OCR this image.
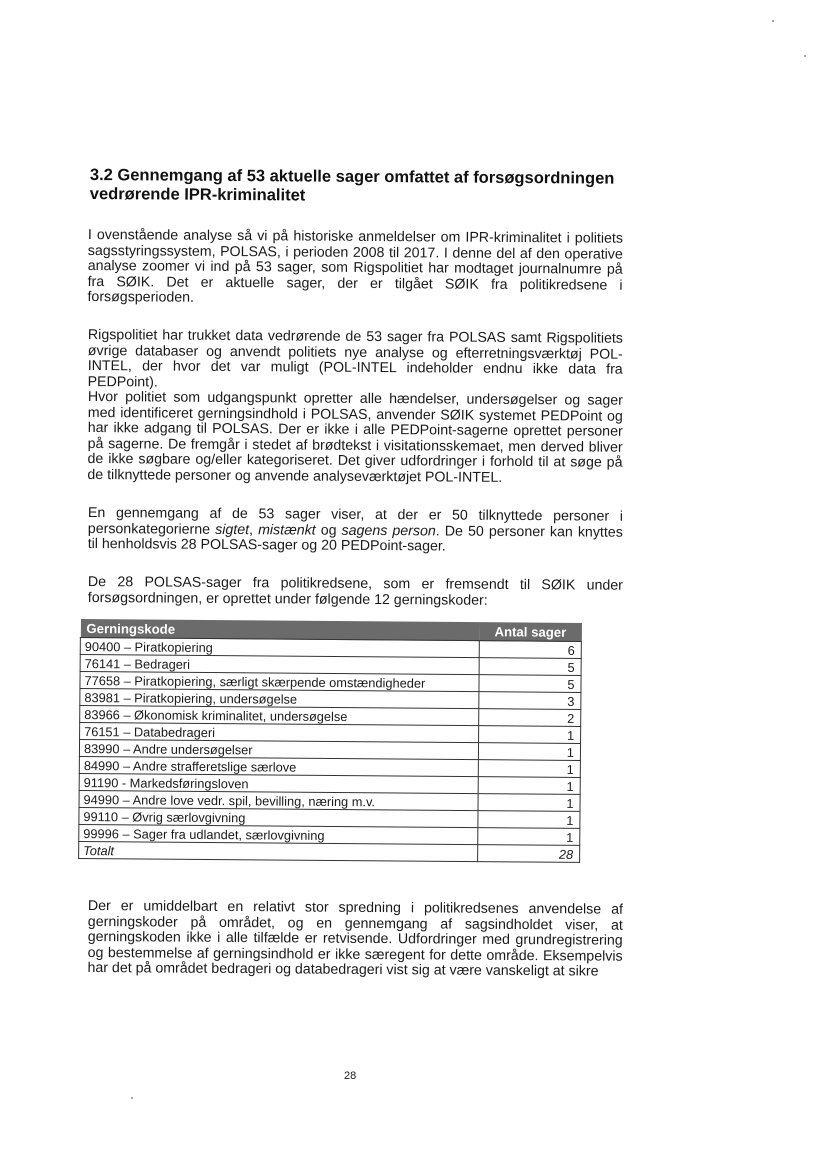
3.2 Gennemgang af 53 aktuelle sager omfattet af forsøgsordningen vedrørende IPR-kriminalitet

I ovenstående analyse så vi på historiske anmeldelser om IPR-kriminalitet i politiets sagsstyringssystem, POLSAS, i perioden 2008 til 2017. I denne del af den operative analyse zoomer vi ind på 53 sager, som Rigspolitiet har modtaget journalnumre på fra SØIK. Det er aktuelle sager, der er tilgået SØIK fra politikredsene i forsøgsperioden.

Rigspolitiet har trukket data vedrørende de 53 sager fra POLSAS samt Rigspolitiets øvrige databaser og anvendt politiets nye analyse og efterretningsværktøj POL-INTEL, der hvor det var muligt (POL-INTEL indeholder endnu ikke data fra PEDPoint).

Hvor politiet som udgangspunkt opretter alle hændelser, undersøgelser og sager med identificeret gerningsindhold i POLSAS, anvender SØIK systemet PEDPoint og har ikke adgang til POLSAS. Der er ikke i alle PEDPoint-sagerne oprettet personer på sagerne. De fremgår i stedet af brødtekst i visitationsskemaet, men derved bliver de ikke søgbare og/eller kategoriseret. Det giver udfordringer i forhold til at søge på de tilknyttede personer og anvende analyseværktøjet POL-INTEL.

En gennemgang af de 53 sager viser, at der er 50 tilknyttede personer i personkategorierne sigtet, mistænkt og sagens person. De 50 personer kan knyttes til henholdsvis 28 POLSAS-sager og 20 PEDPoint-sager.

De 28 POLSAS-sager fra politikredsene, som er fremsendt til SØIK under forsøgsordningen, er oprettet under følgende 12 gerningskoder:

Gerningskode	Antal sager
90400 – Piratkopiering	6
76141 – Bedrageri	5
77658 – Piratkopiering, særligt skærpende omstændigheder	5
83981 – Piratkopiering, undersøgelse	3
83966 – Økonomisk kriminalitet, undersøgelse	2
76151 – Databedrageri	1
83990 – Andre undersøgelser	1
84990 – Andre strafferetslige særlove	1
91190 - Markedsføringsloven	1
94990 – Andre love vedr. spil, bevilling, næring m.v.	1
99110 – Øvrig særlovgivning	1
99996 – Sager fra udlandet, særlovgivning	1
Totalt	28

Der er umiddelbart en relativt stor spredning i politikredsenes anvendelse af gerningskoder på området, og en gennemgang af sagsindholdet viser, at gerningskoden ikke i alle tilfælde er retvisende. Udfordringer med grundregistrering og bestemmelse af gerningsindhold er ikke særegent for dette område. Eksempelvis har det på området bedrageri og databedrageri vist sig at være vanskeligt at sikre

28
